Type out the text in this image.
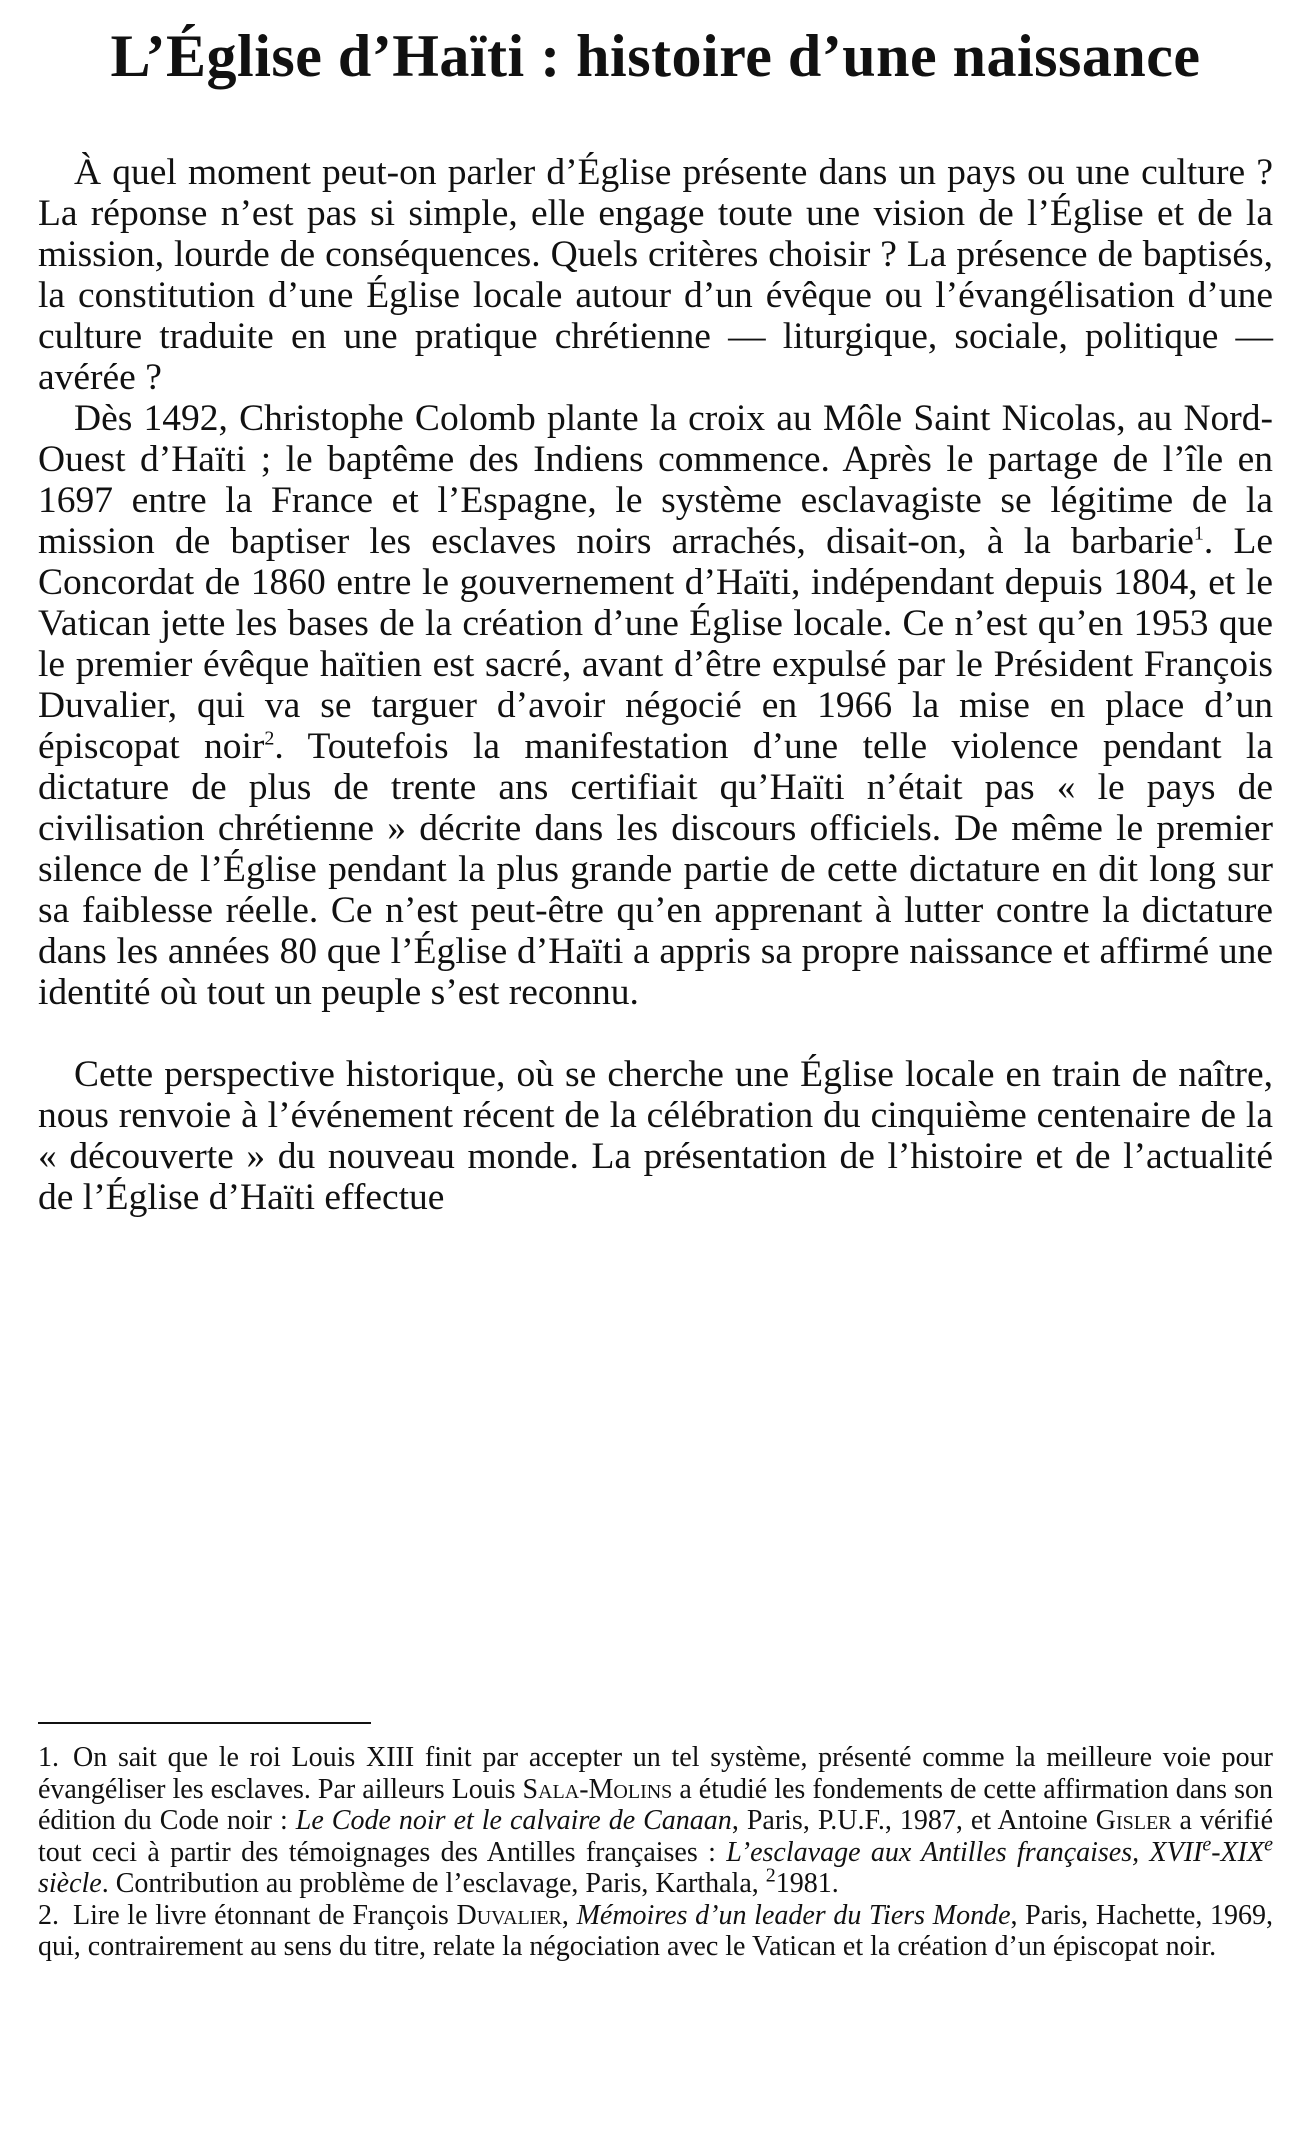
L’Église d’Haïti : histoire d’une naissance

À quel moment peut-on parler d’Église présente dans un pays ou une culture ? La réponse n’est pas si simple, elle engage toute une vision de l’Église et de la mission, lourde de conséquences. Quels critères choisir ? La présence de baptisés, la constitution d’une Église locale autour d’un évêque ou l’évangélisation d’une culture traduite en une pratique chrétienne — liturgique, sociale, politique — avérée ?

Dès 1492, Christophe Colomb plante la croix au Môle Saint Nicolas, au Nord-Ouest d’Haïti ; le baptême des Indiens commence. Après le partage de l’île en 1697 entre la France et l’Espagne, le système esclavagiste se légitime de la mission de baptiser les esclaves noirs arrachés, disait-on, à la barbarie$^1$. Le Concordat de 1860 entre le gouvernement d’Haïti, indépendant depuis 1804, et le Vatican jette les bases de la création d’une Église locale. Ce n’est qu’en 1953 que le premier évêque haïtien est sacré, avant d’être expulsé par le Président François Duvalier, qui va se targuer d’avoir négocié en 1966 la mise en place d’un épiscopat noir$^2$. Toutefois la manifestation d’une telle violence pendant la dictature de plus de trente ans certifiait qu’Haïti n’était pas « le pays de civilisation chrétienne » décrite dans les discours officiels. De même le premier silence de l’Église pendant la plus grande partie de cette dictature en dit long sur sa faiblesse réelle. Ce n’est peut-être qu’en apprenant à lutter contre la dictature dans les années 80 que l’Église d’Haïti a appris sa propre naissance et affirmé une identité où tout un peuple s’est reconnu.

Cette perspective historique, où se cherche une Église locale en train de naître, nous renvoie à l’événement récent de la célébration du cinquième centenaire de la « découverte » du nouveau monde. La présentation de l’histoire et de l’actualité de l’Église d’Haïti effectue

1. On sait que le roi Louis XIII finit par accepter un tel système, présenté comme la meilleure voie pour évangéliser les esclaves. Par ailleurs Louis Sala-Molins a étudié les fondements de cette affirmation dans son édition du Code noir : Le Code noir et le calvaire de Canaan, Paris, P.U.F., 1987, et Antoine Gisler a vérifié tout ceci à partir des témoignages des Antilles françaises : L’esclavage aux Antilles françaises, XVIIe-XIXe siècle. Contribution au problème de l’esclavage, Paris, Karthala, $^2$1981.

2. Lire le livre étonnant de François Duvalier, Mémoires d’un leader du Tiers Monde, Paris, Hachette, 1969, qui, contrairement au sens du titre, relate la négociation avec le Vatican et la création d’un épiscopat noir.
